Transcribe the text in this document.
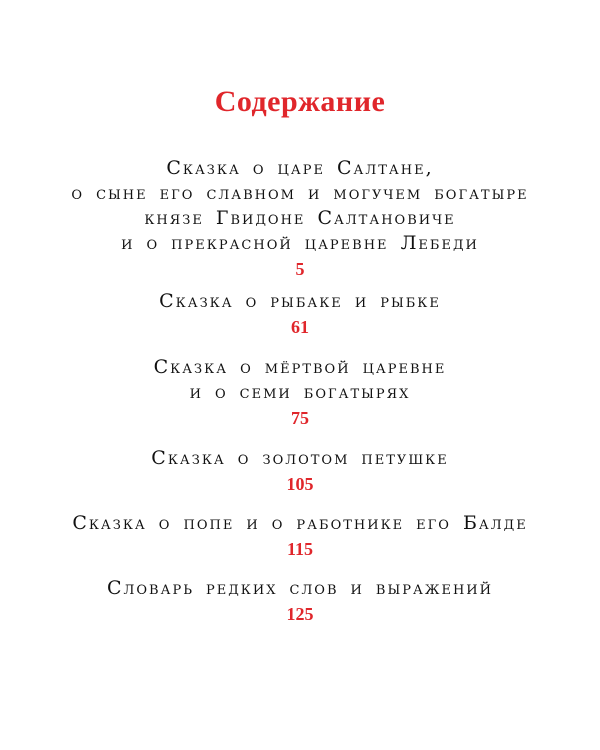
Содержание
Сказка о царе Салтане,
о сыне его славном и могучем богатыре
князе Гвидоне Салтановиче
и о прекрасной царевне Лебеди
5
Сказка о рыбаке и рыбке
61
Сказка о мёртвой царевне
и о семи богатырях
75
Сказка о золотом петушке
105
Сказка о попе и о работнике его Балде
115
Словарь редких слов и выражений
125
